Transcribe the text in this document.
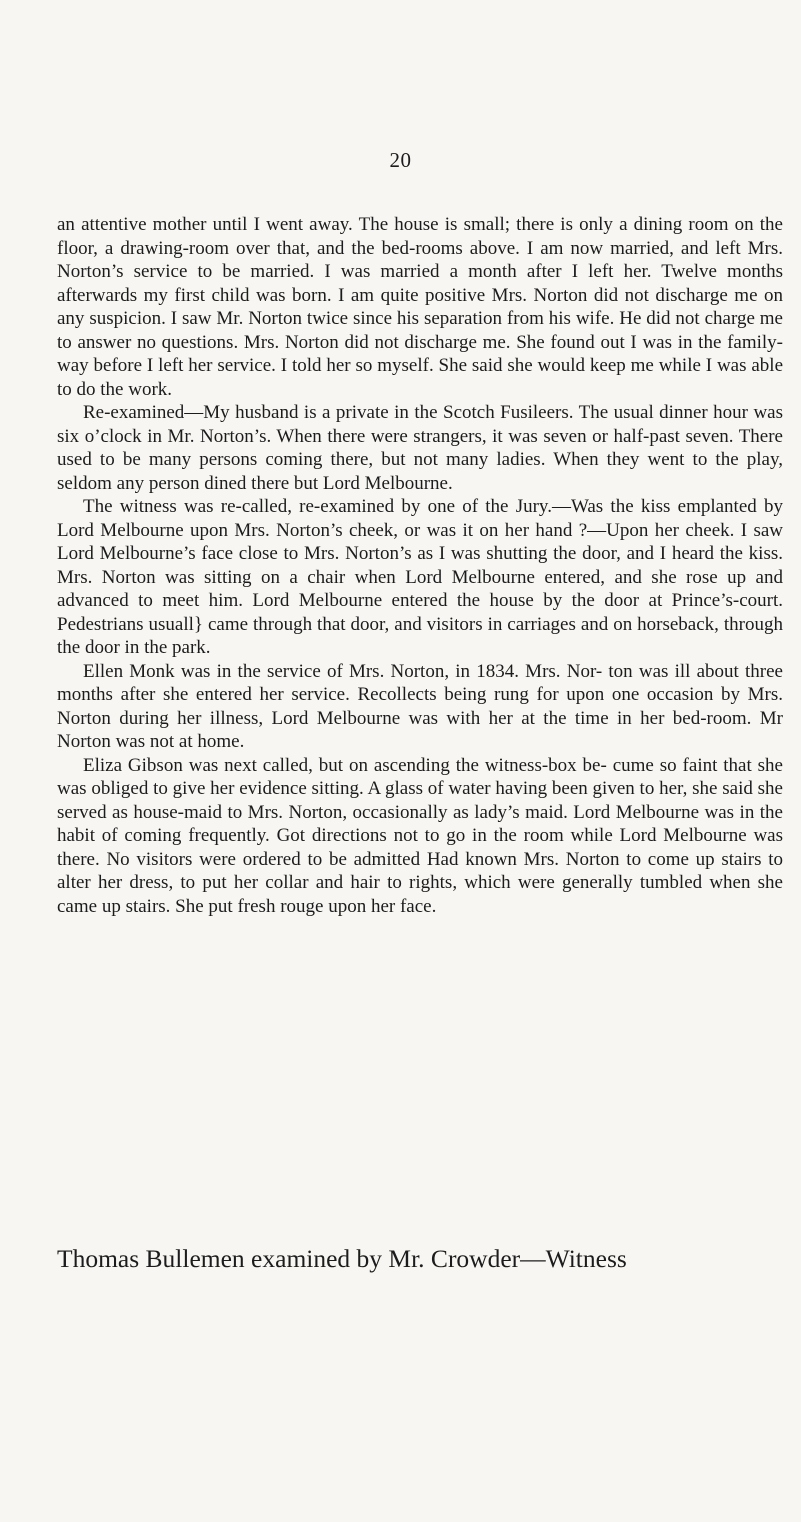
20

an attentive mother until I went away. The house is small; there is only a dining room on the floor, a drawing-room over that, and the bed-rooms above. I am now married, and left Mrs. Norton’s service to be married. I was married a month after I left her. Twelve months afterwards my first child was born. I am quite positive Mrs. Norton did not discharge me on any suspicion. I saw Mr. Norton twice since his separation from his wife. He did not charge me to answer no questions. Mrs. Norton did not discharge me. She found out I was in the family-way before I left her service. I told her so myself. She said she would keep me while I was able to do the work.

Re-examined—My husband is a private in the Scotch Fusileers. The usual dinner hour was six o’clock in Mr. Norton’s. When there were strangers, it was seven or half-past seven. There used to be many persons coming there, but not many ladies. When they went to the play, seldom any person dined there but Lord Melbourne.

The witness was re-called, re-examined by one of the Jury.—Was the kiss emplanted by Lord Melbourne upon Mrs. Norton’s cheek, or was it on her hand ?—Upon her cheek. I saw Lord Melbourne’s face close to Mrs. Norton’s as I was shutting the door, and I heard the kiss. Mrs. Norton was sitting on a chair when Lord Melbourne entered, and she rose up and advanced to meet him. Lord Melbourne entered the house by the door at Prince’s-court. Pedestrians usuall} came through that door, and visitors in carriages and on horseback, through the door in the park.

Ellen Monk was in the service of Mrs. Norton, in 1834. Mrs. Nor- ton was ill about three months after she entered her service. Recollects being rung for upon one occasion by Mrs. Norton during her illness, Lord Melbourne was with her at the time in her bed-room. Mr Norton was not at home.

Eliza Gibson was next called, but on ascending the witness-box be- cume so faint that she was obliged to give her evidence sitting. A glass of water having been given to her, she said she served as house-maid to Mrs. Norton, occasionally as lady’s maid. Lord Melbourne was in the habit of coming frequently. Got directions not to go in the room while Lord Melbourne was there. No visitors were ordered to be admitted Had known Mrs. Norton to come up stairs to alter her dress, to put her collar and hair to rights, which were generally tumbled when she came up stairs. She put fresh rouge upon her face.

Thomas Bullemen examined by Mr. Crowder—Witness
